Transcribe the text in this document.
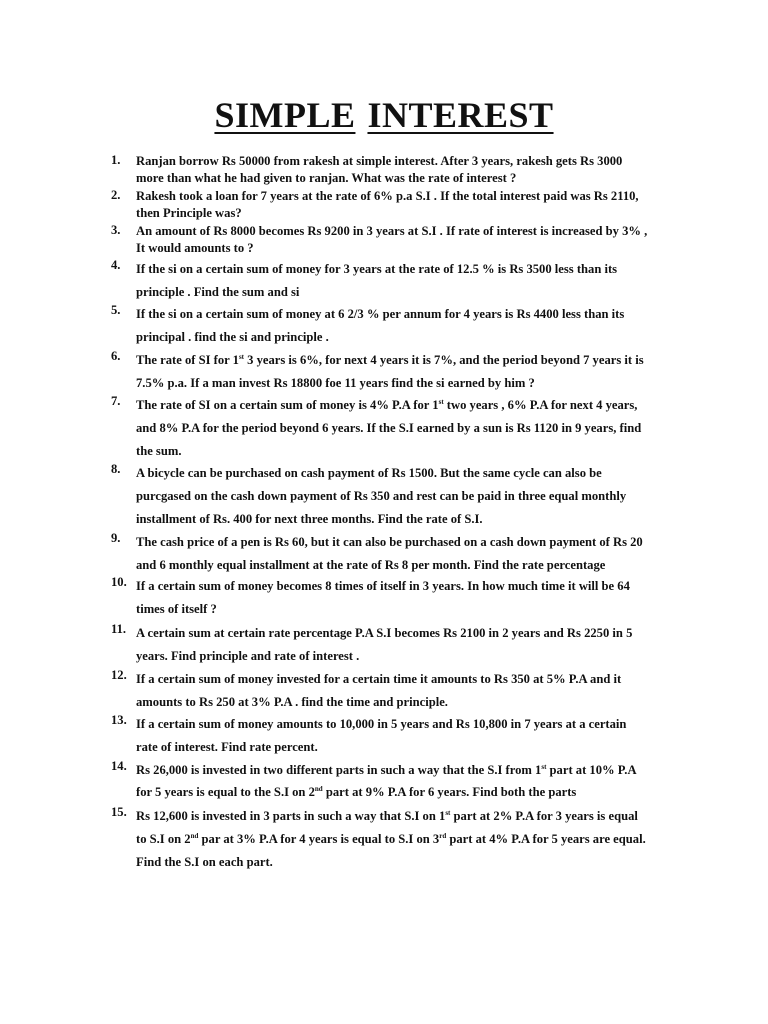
SIMPLE INTEREST
1. Ranjan borrow Rs 50000 from rakesh at simple interest. After 3 years, rakesh gets Rs 3000
more than what he had given to ranjan. What was the rate of interest ?
2. Rakesh took a loan for 7 years at the rate of 6% p.a S.I . If the total interest paid was Rs 2110,
then Principle was?
3. An amount of Rs 8000 becomes Rs 9200 in 3 years at S.I . If rate of interest is increased by 3% ,
It would amounts to ?
4. If the si on a certain sum of money for 3 years at the rate of 12.5 % is Rs 3500 less than its
principle . Find the sum and si
5. If the si on a certain sum of money at 6 2/3 % per annum for 4 years is Rs 4400 less than its
principal . find the si and principle .
6. The rate of SI for 1st 3 years is 6%, for next 4 years it is 7%, and the period beyond 7 years it is
7.5% p.a. If a man invest Rs 18800 foe 11 years find the si earned by him ?
7. The rate of SI on a certain sum of money is 4% P.A for 1st two years , 6% P.A for next 4 years,
and 8% P.A for the period beyond 6 years. If the S.I earned by a sun is Rs 1120 in 9 years, find
the sum.
8. A bicycle can be purchased on cash payment of Rs 1500. But the same cycle can also be
purcgased on the cash down payment of Rs 350 and rest can be paid in three equal monthly
installment of Rs. 400 for next three months. Find the rate of S.I.
9. The cash price of a pen is Rs 60, but it can also be purchased on a cash down payment of Rs 20
and 6 monthly equal installment at the rate of Rs 8 per month. Find the rate percentage
10. If a certain sum of money becomes 8 times of itself in 3 years. In how much time it will be 64
times of itself ?
11. A certain sum at certain rate percentage P.A S.I becomes Rs 2100 in 2 years and Rs 2250 in 5
years. Find principle and rate of interest .
12. If a certain sum of money invested for a certain time it amounts to Rs 350 at 5% P.A and it
amounts to Rs 250 at 3% P.A . find the time and principle.
13. If a certain sum of money amounts to 10,000 in 5 years and Rs 10,800 in 7 years at a certain
rate of interest. Find rate percent.
14. Rs 26,000 is invested in two different parts in such a way that the S.I from 1st part at 10% P.A
for 5 years is equal to the S.I on 2nd part at 9% P.A for 6 years. Find both the parts
15. Rs 12,600 is invested in 3 parts in such a way that S.I on 1st part at 2% P.A for 3 years is equal
to S.I on 2nd par at 3% P.A for 4 years is equal to S.I on 3rd part at 4% P.A for 5 years are equal.
Find the S.I on each part.
